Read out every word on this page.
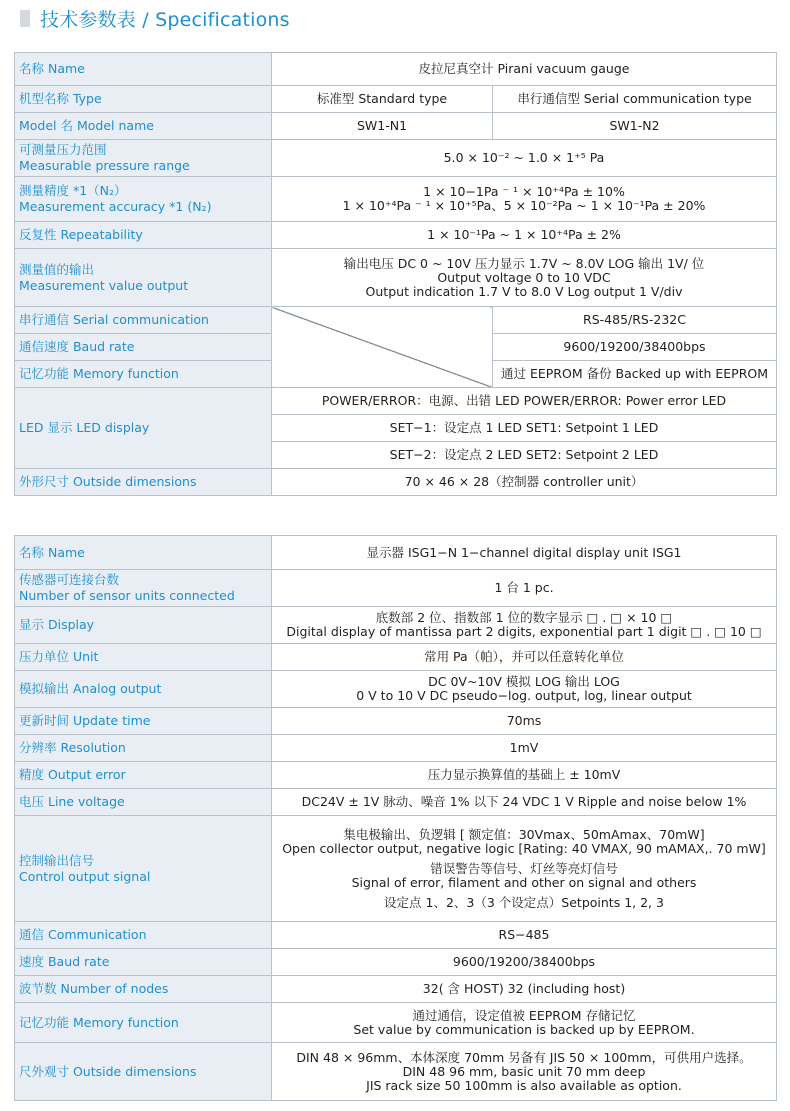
技术参数表 / Specifications
名称 Name	皮拉尼真空计 Pirani vacuum gauge	
机型名称 Type	标准型 Standard type	串行通信型 Serial communication type
Model 名 Model name	SW1-N1	SW1-N2

可测量压力范围
Measurable pressure range	5.0 × 10⁻² ~ 1.0 × 1⁺⁵ Pa	

测量精度 *1（N₂）
Measurement accuracy *1 (N₂)	1 × 10−1Pa ⁻ ¹ × 10⁺⁴Pa ± 10%
1 × 10⁺⁴Pa ⁻ ¹ × 10⁺⁵Pa、5 × 10⁻²Pa ~ 1 × 10⁻¹Pa ± 20%	

反复性 Repeatability	1 × 10⁻¹Pa ~ 1 × 10⁺⁴Pa ± 2%	

测量值的输出
Measurement value output	输出电压 DC 0 ~ 10V 压力显示 1.7V ~ 8.0V LOG 输出 1V/ 位
Output voltage 0 to 10 VDC
Output indication 1.7 V to 8.0 V Log output 1 V/div	

串行通信 Serial communication		RS-485/RS-232C
通信速度 Baud rate		9600/19200/38400bps
记忆功能 Memory function		通过 EEPROM 备份 Backed up with EEPROM
LED 显示 LED display	POWER/ERROR：电源、出错 LED POWER/ERROR: Power error LED	
	SET−1：设定点 1 LED SET1: Setpoint 1 LED	
	SET−2：设定点 2 LED SET2: Setpoint 2 LED	
外形尺寸 Outside dimensions	70 × 46 × 28（控制器 controller unit）	
名称 Name	显示器 ISG1−N 1−channel digital display unit ISG1

传感器可连接台数
Number of sensor units connected	1 台 1 pc.
显示 Display	底数部 2 位、指数部 1 位的数字显示 □ . □ × 10 □
Digital display of mantissa part 2 digits, exponential part 1 digit □ . □ 10 □

压力单位 Unit	常用 Pa（帕），并可以任意转化单位
模拟输出 Analog output	DC 0V~10V 模拟 LOG 输出 LOG
0 V to 10 V DC pseudo−log. output, log, linear output

更新时间 Update time	70ms
分辨率 Resolution	1mV
精度 Output error	压力显示换算值的基础上 ± 10mV
电压 Line voltage	DC24V ± 1V 脉动、噪音 1% 以下 24 VDC 1 V Ripple and noise below 1%

控制输出信号
Control output signal	集电极输出、负逻辑 [ 额定值：30Vmax、50mAmax、70mW]
Open collector output, negative logic [Rating: 40 VMAX, 90 mAMAX,. 70 mW]
错误警告等信号、灯丝等亮灯信号
Signal of error, filament and other on signal and others
设定点 1、2、3（3 个设定点）Setpoints 1, 2, 3

通信 Communication	RS−485
速度 Baud rate	9600/19200/38400bps
波节数 Number of nodes	32( 含 HOST) 32 (including host)
记忆功能 Memory function	通过通信，设定值被 EEPROM 存储记忆
Set value by communication is backed up by EEPROM.

尺外观寸 Outside dimensions	DIN 48 × 96mm、本体深度 70mm 另备有 JIS 50 × 100mm，可供用户选择。
DIN 48 96 mm, basic unit 70 mm deep
JIS rack size 50 100mm is also available as option.
